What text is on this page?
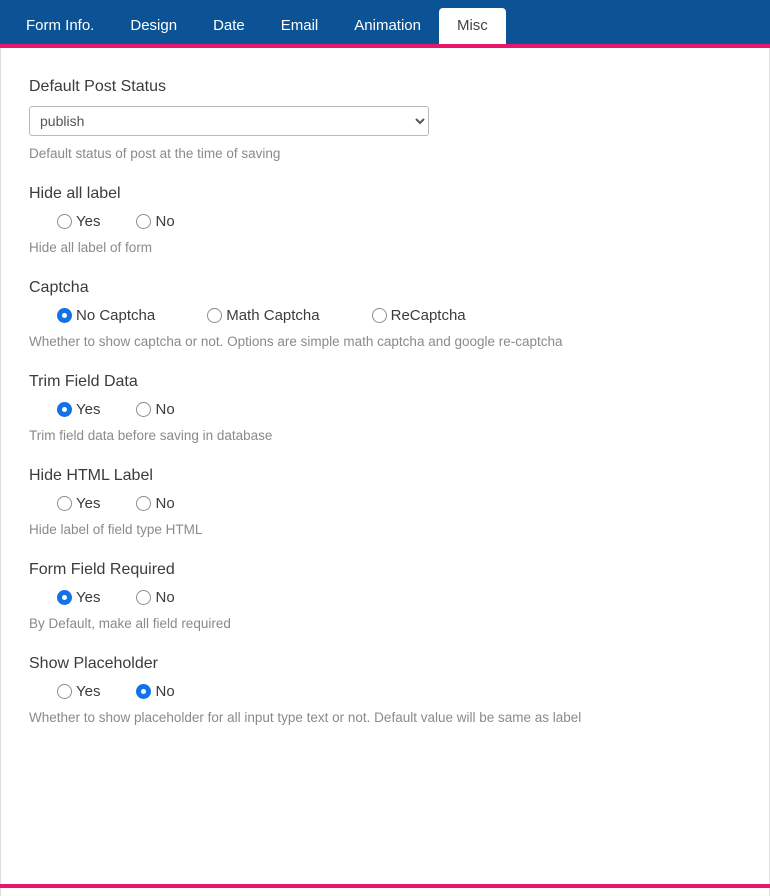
Form Info.	Design	Date	Email	Animation	Misc
Default Post Status
publish
Default status of post at the time of saving
Hide all label
Yes	No
Hide all label of form
Captcha
No Captcha	Math Captcha	ReCaptcha
Whether to show captcha or not. Options are simple math captcha and google re-captcha
Trim Field Data
Yes	No
Trim field data before saving in database
Hide HTML Label
Yes	No
Hide label of field type HTML
Form Field Required
Yes	No
By Default, make all field required
Show Placeholder
Yes	No
Whether to show placeholder for all input type text or not. Default value will be same as label
